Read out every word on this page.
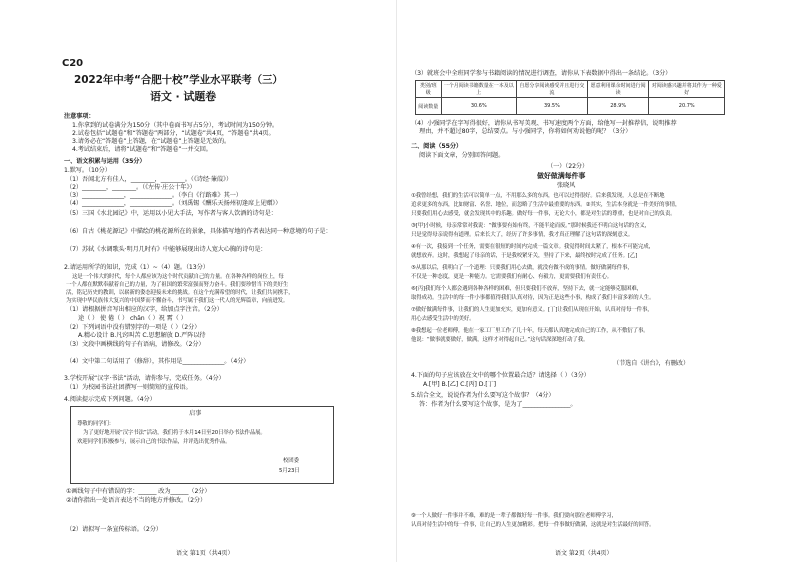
C20
2022年中考“合肥十校”学业水平联考（三）
语文 · 试题卷
注意事项：
1.你拿到的试卷满分为150分（其中卷面书写占5分），考试时间为150分钟。
2.试卷包括“试题卷”和“答题卷”两部分，“试题卷”共4页，“答题卷”共4页。
3.请务必在“答题卷”上答题，在“试题卷”上答题是无效的。
4.考试结束后，请将“试题卷”和“答题卷”一并交回。
一、语文积累与运用（35分）
1.默写。（10分）
（1）吾闻北方有佳人，________，________。（《诗经·蒹葭》）
（2）________，________。（《左传·庄公十年》）
（3）______________，______________。（李白《行路难》其一）
（4）______________，______________。（刘禹锡《酬乐天扬州初逢席上见赠》）
（5）三国《水北园记》中，运用以小见大手法，写作者与客人饮酒的诗句是：
（6）自古《桃花源记》中描绘的桃花源所在的景象，具体描写地的作者表达同一种意境的句子是：
（7）苏轼《水调歌头·明月几时有》中能够展现出诗人宽大心胸的诗句是：
2.请运用所学的知识，完成（1）~（4）题。（13分）
这是一个伟大的时代，每个人都应该为这个时代贡献自己的力量。在各种各样的岗位上，每
一个人都在默默奉献着自己的力量，为了祖国的繁荣富强而努力奋斗。我们要珍惜当下的美好生
活，铭记历史的教训，以崭新的姿态迎接未来的挑战。在这个充满希望的时代，让我们共同携手，
为实现中华民族伟大复兴的中国梦而不懈奋斗，书写属于我们这一代人的光辉篇章，向前进发。
（1）请根据拼音写出相应的汉字，给加点字注音。（2分）
途（ ） 使 倦（ ） chān（ ）祝 霄（ ）
（2）下列词语中没有错别字的一项是（ ）（2分）
A.精心设计 B.凡窍叫苦 C.思想解放 D.严阵以待
（3）文段中画横线的句子有语病，请修改。（2分）
（4）文中第二句话用了（修辞），其作用是______________。（4分）
3.学校开展“汉字·书法”活动，请你参与，完成任务。（4分）
（1）为校园书法社团撰写一则简短的宣传语。
4.阅读提示完成下列问题。（4分）
启事
尊敬的同学们：
为了更好地开展“汉字书法”活动，我们将于本月14日至20日举办书法作品展。
欢迎同学们积极参与，展示自己的书法作品，并评选出优秀作品。
校团委
5月23日
①画线句子中有错误的字：______ 改为______（2分）
②请你指出一处语言表达不当的地方并修改。（2分）
（2）请拟写一条宣传标语。（2分）
语文 第1页（共4页）
（3）就班会中全班同学参与书籍阅读的情况进行调查，请你从下表数据中得出一条结论。（3分）
类别/班级	一个月阅读书籍数量在一本及以上	自愿分享阅读感受并且进行交流	愿意利用课余时间进行阅读	对阅读感兴趣并将其作为一种爱好
阅读数量	30.6%	39.5%	28.9%	20.7%
（4）小强同学在字写得很好，请你从书写美观、书写速度两个方面，给他写一封推荐信，说明推荐
理由，并不超过80字，总结要点。与小强同学，你将如何劝说他的呢？（3分）
二、阅读（55分）
阅读下面文章，分别回答问题。
（一）（22分）
做好做满每件事
张晓风
①我曾经想，我们的生活可以简单一点，不用那么多的东西，也可以过得很好。后来我发现，人总是在不断地
追求更多的东西，比如财富、名誉、地位，而忽略了生活中最重要的东西。②其实，生活本身就是一件美好的事情，
只要我们用心去感受，就会发现其中的乐趣。做好每一件事，无论大小，都是对生活的尊重，也是对自己的负责。
③[甲]小时候，母亲常常对我说：“做事要有始有终，不能半途而废。”那时候我还不明白这句话的含义，
只是觉得母亲说得有道理。后来长大了，经历了许多事情，我才真正理解了这句话的深刻意义。
④有一次，我接到一个任务，需要在很短的时间内完成一篇文章。我觉得时间太紧了，根本不可能完成，
就想放弃。这时，我想起了母亲的话，于是我咬紧牙关，坚持了下来，最终按时完成了任务。[乙]
⑤从那以后，我明白了一个道理：只要我们用心去做，就没有做不成的事情。做好做满每件事，
不仅是一种态度，更是一种能力。它需要我们有耐心、有毅力，更需要我们有责任心。
⑥[丙]我们每个人都会遇到各种各样的困难，但只要我们不放弃，坚持下去，就一定能够克服困难，
取得成功。生活中的每一件小事都值得我们认真对待，因为正是这些小事，构成了我们丰富多彩的人生。
⑦做好做满每件事，让我们的人生更加充实，更加有意义。[丁]让我们从现在开始，认真对待每一件事，
用心去感受生活中的美好。
⑧我想起一位老师傅，他在一家工厂里工作了几十年，每天都认真地完成自己的工作，从不敷衍了事。
他说：“做事就要做好，做满，这样才对得起自己。”这句话深深地打动了我。
（节选自《讲台》，有删改）
4.下面的句子应该放在文中的哪个位置最合适？请选择（ ）（3分）
A.[甲] B.[乙] C.[丙] D.[丁]
5.结合全文，说说作者为什么要写这个故事？（4分）
答：作者为什么要写这个故事，是为了________________。
⑨一个人做好一件事并不难，难的是一辈子都做好每一件事。我们要向那位老师傅学习，
认真对待生活中的每一件事，让自己的人生更加精彩。把每一件事做好做满，这就是对生活最好的回答。
语文 第2页（共4页）
